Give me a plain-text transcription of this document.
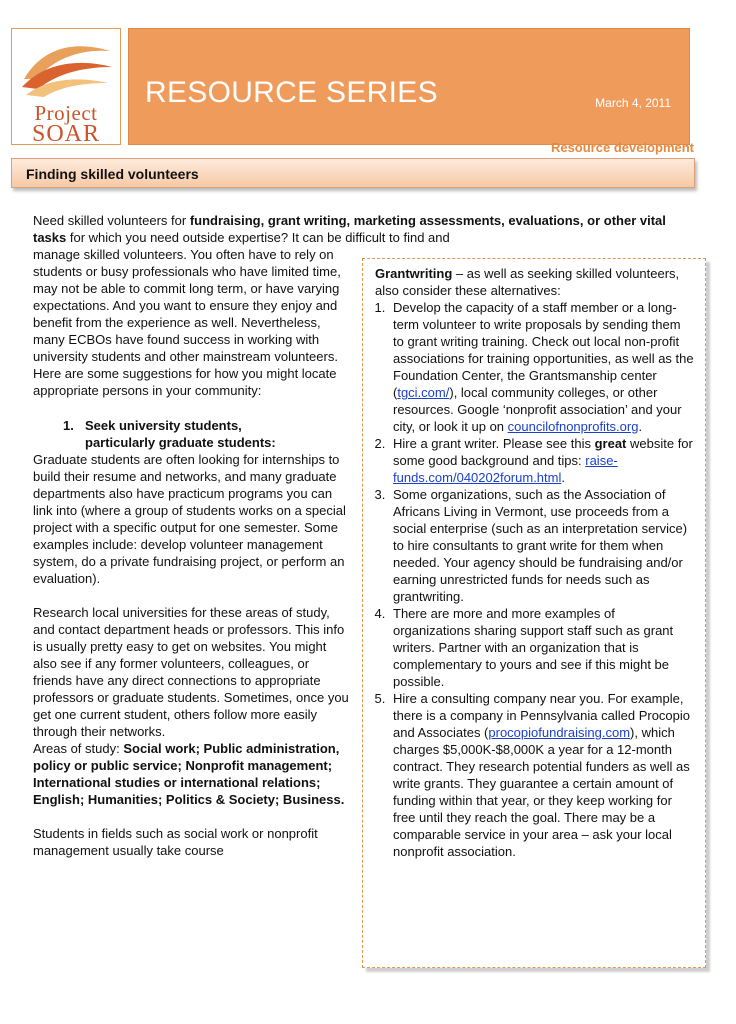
Project
SOAR
RESOURCE SERIES	March 4, 2011
Resource development
Finding skilled volunteers
Need skilled volunteers for fundraising, grant writing, marketing assessments, evaluations, or other vital tasks for which you need outside expertise? It can be difficult to find and

manage skilled volunteers. You often have to rely on students or busy professionals who have limited time, may not be able to commit long term, or have varying expectations. And you want to ensure they enjoy and benefit from the experience as well. Nevertheless, many ECBOs have found success in working with university students and other mainstream volunteers. Here are some suggestions for how you might locate appropriate persons in your community:

1. Seek university students,
particularly graduate students:

Graduate students are often looking for internships to build their resume and networks, and many graduate departments also have practicum programs you can link into (where a group of students works on a special project with a specific output for one semester. Some examples include: develop volunteer management system, do a private fundraising project, or perform an evaluation).

Research local universities for these areas of study, and contact department heads or professors. This info is usually pretty easy to get on websites. You might also see if any former volunteers, colleagues, or friends have any direct connections to appropriate professors or graduate students. Sometimes, once you get one current student, others follow more easily through their networks.

Areas of study: Social work; Public administration, policy or public service; Nonprofit management; International studies or international relations; English; Humanities; Politics & Society; Business.

Students in fields such as social work or nonprofit management usually take course

Grantwriting – as well as seeking skilled volunteers, also consider these alternatives:

1. Develop the capacity of a staff member or a long-term volunteer to write proposals by sending them to grant writing training. Check out local non-profit associations for training opportunities, as well as the Foundation Center, the Grantsmanship center (tgci.com/), local community colleges, or other resources. Google ‘nonprofit association’ and your city, or look it up on councilofnonprofits.org.
2. Hire a grant writer. Please see this great website for some good background and tips: raise-funds.com/040202forum.html.
3. Some organizations, such as the Association of Africans Living in Vermont, use proceeds from a social enterprise (such as an interpretation service) to hire consultants to grant write for them when needed. Your agency should be fundraising and/or earning unrestricted funds for needs such as grantwriting.
4. There are more and more examples of organizations sharing support staff such as grant writers. Partner with an organization that is complementary to yours and see if this might be possible.
5. Hire a consulting company near you. For example, there is a company in Pennsylvania called Procopio and Associates (procopiofundraising.com), which charges $5,000K-$8,000K a year for a 12-month contract. They research potential funders as well as write grants. They guarantee a certain amount of funding within that year, or they keep working for free until they reach the goal. There may be a comparable service in your area – ask your local nonprofit association.
